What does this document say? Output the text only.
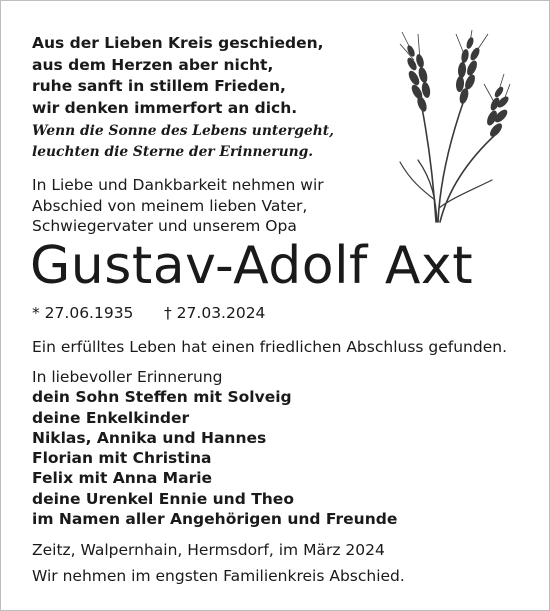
Aus der Lieben Kreis geschieden,
aus dem Herzen aber nicht,
ruhe sanft in stillem Frieden,
wir denken immerfort an dich.
Wenn die Sonne des Lebens untergeht,
leuchten die Sterne der Erinnerung.
In Liebe und Dankbarkeit nehmen wir
Abschied von meinem lieben Vater,
Schwiegervater und unserem Opa
Gustav-Adolf Axt
* 27.06.1935 † 27.03.2024
Ein erfülltes Leben hat einen friedlichen Abschluss gefunden.
In liebevoller Erinnerung
dein Sohn Steffen mit Solveig
deine Enkelkinder
Niklas, Annika und Hannes
Florian mit Christina
Felix mit Anna Marie
deine Urenkel Ennie und Theo
im Namen aller Angehörigen und Freunde
Zeitz, Walpernhain, Hermsdorf, im März 2024
Wir nehmen im engsten Familienkreis Abschied.
